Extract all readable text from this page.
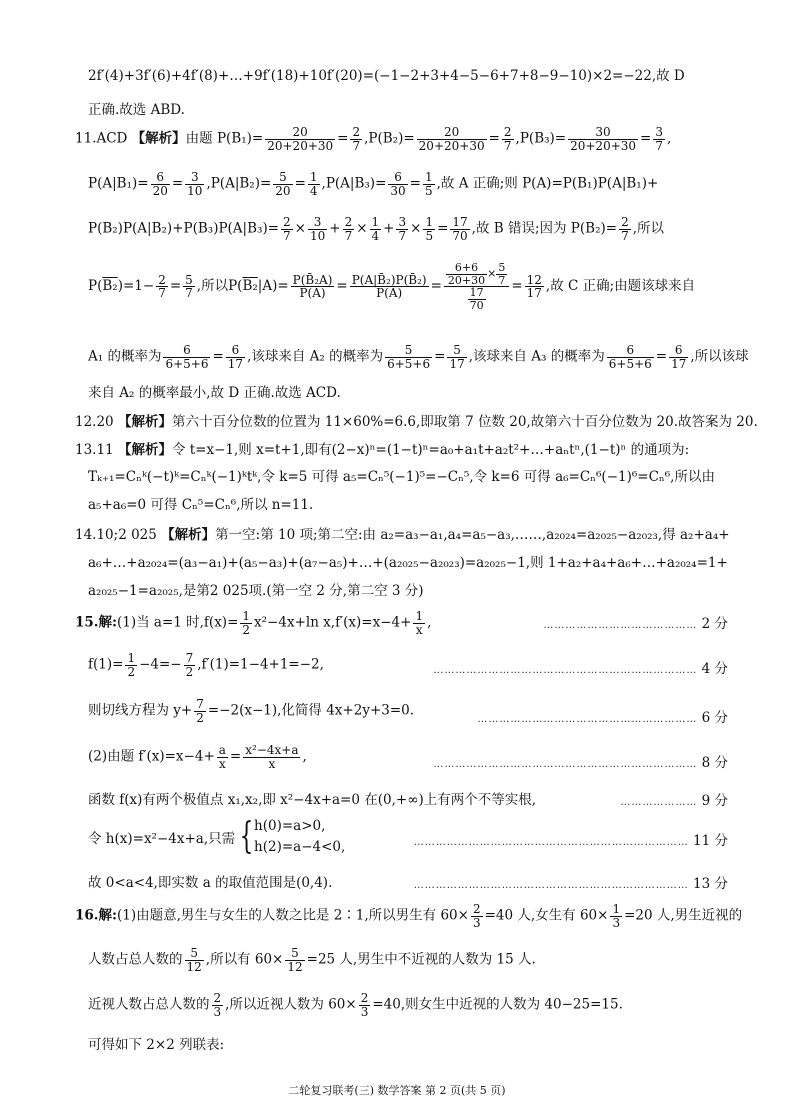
2f′(4)+3f′(6)+4f′(8)+…+9f′(18)+10f′(20)=(−1−2+3+4−5−6+7+8−9−10)×2=−22,故 D
正确.故选 ABD.
11.ACD 【解析】由题 $P(B_1)= \frac{20}{20+20+30} = \frac{2}{7} ,P(B_2)= \frac{20}{20+20+30} = \frac{2}{7} ,P(B_3)= \frac{30}{20+20+30} = \frac{3}{7}$ ,
$P(A|B_1)= \frac{6}{20} = \frac{3}{10} ,P(A|B_2)= \frac{5}{20} = \frac{1}{4} ,P(A|B_3)= \frac{6}{30} = \frac{1}{5}$ ,故 A 正确;则 P(A)=P(B₁)P(A|B₁)+
$P(B_2)P(A|B_2)+P(B_3)P(A|B_3)= \frac{2}{7} \times \frac{3}{10} + \frac{2}{7} \times \frac{1}{4} + \frac{3}{7} \times \frac{1}{5} = \frac{17}{70}$ ,故 B 错误;因为 $P(B_2)= \frac{2}{7}$ ,所以
$P(B_2)=1- \frac{2}{7} = \frac{5}{7}$ ,所以$P(B_2|A)= \frac{\text{P(B̄₂A)}}{P(A)} = \frac{\text{P(A|B̄₂)P(B̄₂)}}{P(A)} = \frac{\frac{6+6}{20+30} \times \frac{5}{7}}{\frac{17}{70}} = \frac{12}{17}$ ,故 C 正确;由题该球来自
A₁ 的概率为 $\frac{6}{6+5+6} = \frac{6}{17}$ ,该球来自 A₂ 的概率为 $\frac{5}{6+5+6} = \frac{5}{17}$ ,该球来自 A₃ 的概率为 $\frac{6}{6+5+6} = \frac{6}{17}$ ,所以该球
来自 A₂ 的概率最小,故 D 正确.故选 ACD.
12.20 【解析】第六十百分位数的位置为 11×60%=6.6,即取第 7 位数 20,故第六十百分位数为 20.故答案为 20.
13.11 【解析】令 t=x−1,则 x=t+1,即有(2−x)ⁿ=(1−t)ⁿ=a₀+a₁t+a₂t²+…+aₙtⁿ,(1−t)ⁿ 的通项为:
Tₖ₊₁=Cₙᵏ(−t)ᵏ=Cₙᵏ(−1)ᵏtᵏ,令 k=5 可得 a₅=Cₙ⁵(−1)⁵=−Cₙ⁵,令 k=6 可得 a₆=Cₙ⁶(−1)⁶=Cₙ⁶,所以由
a₅+a₆=0 可得 Cₙ⁵=Cₙ⁶,所以 n=11.
14.10;2 025 【解析】第一空:第 10 项;第二空:由 a₂=a₃−a₁,a₄=a₅−a₃,……,a₂₀₂₄=a₂₀₂₅−a₂₀₂₃,得 a₂+a₄+
a₆+…+a₂₀₂₄=(a₃−a₁)+(a₅−a₃)+(a₇−a₅)+…+(a₂₀₂₅−a₂₀₂₃)=a₂₀₂₅−1,则 1+a₂+a₄+a₆+…+a₂₀₂₄=1+
a₂₀₂₅−1=a₂₀₂₅,是第2 025项.(第一空 2 分,第二空 3 分)
15.解:(1)当 a=1 时$,f(x)= \frac{1}{2} x^2-4x+\ln$ $x,f'(x)=x-4+ \frac{1}{x}$ ,	…………………………………… 2 分
$f(1)= \frac{1}{2} -4=- \frac{7}{2} ,f'(1)=1-4+1=-2$,	……………………………………………………………… 4 分
则切线方程为 $y+ \frac{7}{2} =-2(x-1)$,化简得 4x+2y+3=0.
…………………………………………………… 6 分
(2)由题 $f'(x)=x-4+ \frac{a}{x} = \frac{\text{x²−4x+a}}{x}$ ,	……………………………………………………………… 8 分
函数 f(x)有两个极值点 x₁,x₂,即 x²−4x+a=0 在(0,+∞)上有两个不等实根,	………………… 9 分
令 h(x)=x²−4x+a,只需 { h(0)=a>0,
h(2)=a−4<0,	………………………………………………………………… 11 分
故 0<a<4,即实数 a 的取值范围是(0,4).	………………………………………………………………… 13 分
16.解:(1)由题意,男生与女生的人数之比是 2∶1,所以男生有 $60\times \frac{2}{3} =40$ 人,女生有 $60\times \frac{1}{3} =20$ 人,男生近视的
人数占总人数的 $\frac{5}{12}$ ,所以有 $60\times \frac{5}{12} =25$ 人,男生中不近视的人数为 15 人.
近视人数占总人数的 $\frac{2}{3}$ ,所以近视人数为 $60\times \frac{2}{3} =40$,则女生中近视的人数为 40−25=15.
可得如下 2×2 列联表:
二轮复习联考(三) 数学答案 第 2 页(共 5 页)
